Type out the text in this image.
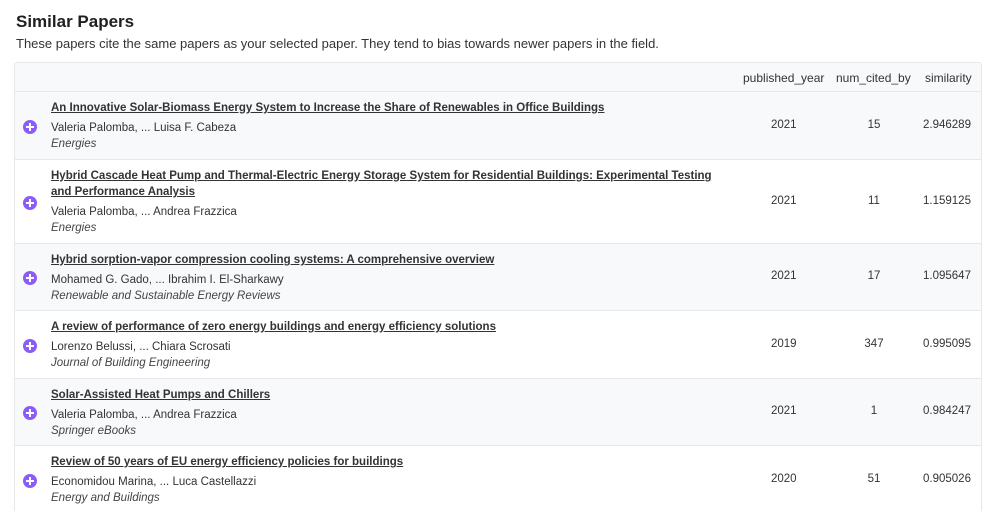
Similar Papers
These papers cite the same papers as your selected paper. They tend to bias towards newer papers in the field.
published_year num_cited_by similarity
An Innovative Solar-Biomass Energy System to Increase the Share of Renewables in Office Buildings
Valeria Palomba, ... Luisa F. Cabeza
Energies
2021	15	2.946289
Hybrid Cascade Heat Pump and Thermal-Electric Energy Storage System for Residential Buildings: Experimental Testing and Performance Analysis
Valeria Palomba, ... Andrea Frazzica
Energies
2021	11	1.159125
Hybrid sorption-vapor compression cooling systems: A comprehensive overview
Mohamed G. Gado, ... Ibrahim I. El-Sharkawy
Renewable and Sustainable Energy Reviews
2021	17	1.095647
A review of performance of zero energy buildings and energy efficiency solutions
Lorenzo Belussi, ... Chiara Scrosati
Journal of Building Engineering
2019	347	0.995095
Solar-Assisted Heat Pumps and Chillers
Valeria Palomba, ... Andrea Frazzica
Springer eBooks
2021	1	0.984247
Review of 50 years of EU energy efficiency policies for buildings
Economidou Marina, ... Luca Castellazzi
Energy and Buildings
2020	51	0.905026
